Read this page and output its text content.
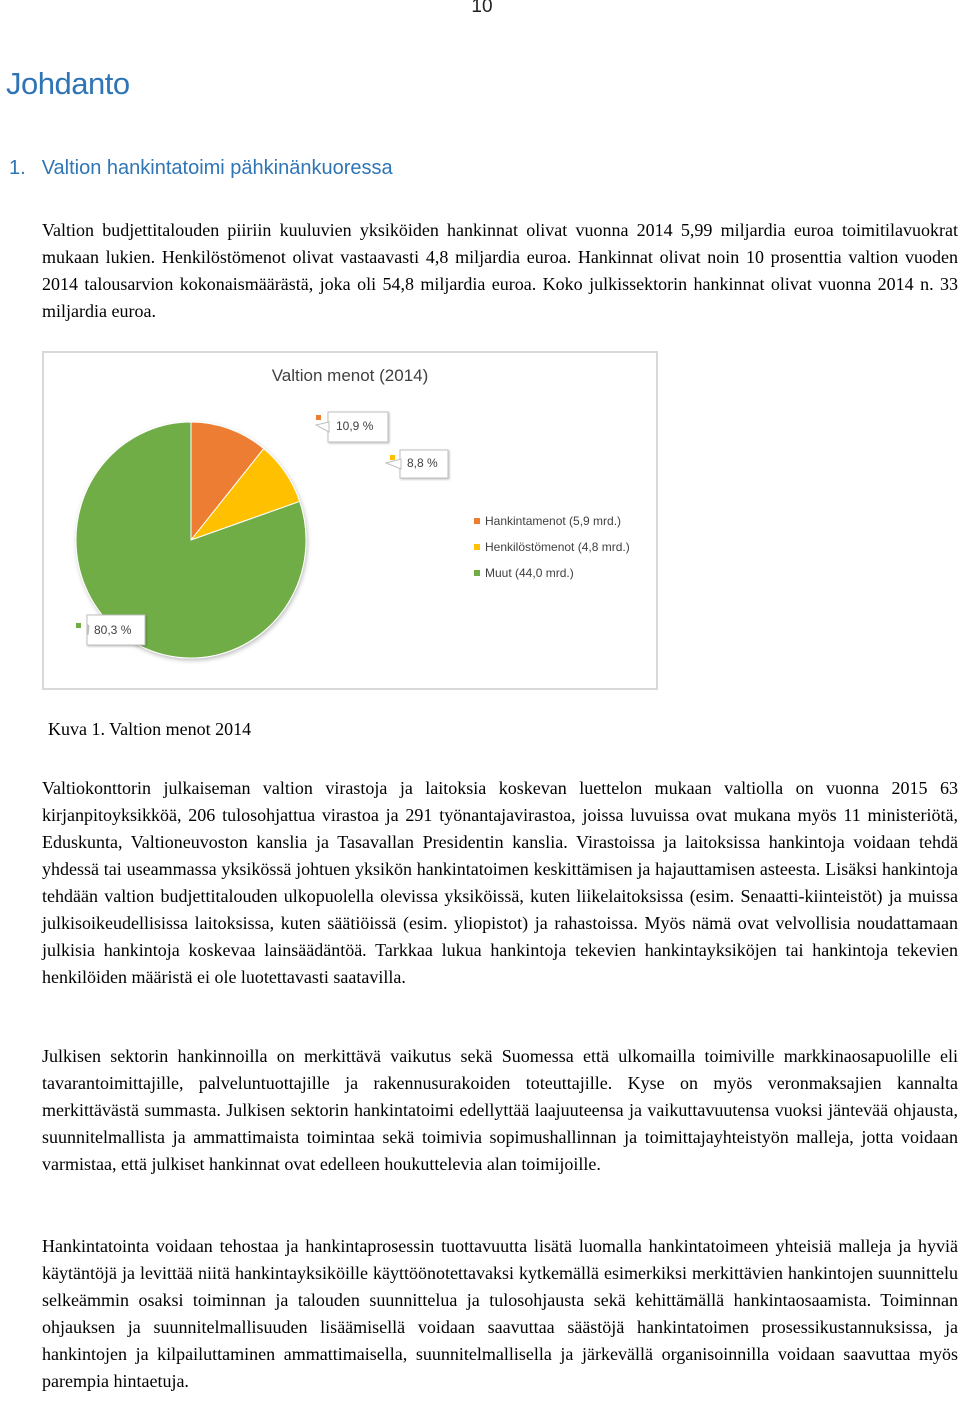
10
Johdanto
1. Valtion hankintatoimi pähkinänkuoressa
Valtion budjettitalouden piiriin kuuluvien yksiköiden hankinnat olivat vuonna 2014 5,99 miljardia euroa toimitilavuokrat mukaan lukien. Henkilöstömenot olivat vastaavasti 4,8 miljardia euroa. Hankinnat olivat noin 10 prosenttia valtion vuoden 2014 talousarvion kokonaismäärästä, joka oli 54,8 miljardia euroa. Koko julkissektorin hankinnat olivat vuonna 2014 n. 33 miljardia euroa.
Valtion menot (2014)
10,9 %
8,8 %
80,3 %
Hankintamenot (5,9 mrd.)
Henkilöstömenot (4,8 mrd.)
Muut (44,0 mrd.)
Kuva 1. Valtion menot 2014
Valtiokonttorin julkaiseman valtion virastoja ja laitoksia koskevan luettelon mukaan valtiolla on vuonna 2015 63 kirjanpitoyksikköä, 206 tulosohjattua virastoa ja 291 työnantajavirastoa, joissa luvuissa ovat mukana myös 11 ministeriötä, Eduskunta, Valtioneuvoston kanslia ja Tasavallan Presidentin kanslia. Virastoissa ja laitoksissa hankintoja voidaan tehdä yhdessä tai useammassa yksikössä johtuen yksikön hankintatoimen keskittämisen ja hajauttamisen asteesta. Lisäksi hankintoja tehdään valtion budjettitalouden ulkopuolella olevissa yksiköissä, kuten liikelaitoksissa (esim. Senaatti-kiinteistöt) ja muissa julkisoikeudellisissa laitoksissa, kuten säätiöissä (esim. yliopistot) ja rahastoissa. Myös nämä ovat velvollisia noudattamaan julkisia hankintoja koskevaa lainsäädäntöä. Tarkkaa lukua hankintoja tekevien hankintayksiköjen tai hankintoja tekevien henkilöiden määristä ei ole luotettavasti saatavilla.
Julkisen sektorin hankinnoilla on merkittävä vaikutus sekä Suomessa että ulkomailla toimiville markkinaosapuolille eli tavarantoimittajille, palveluntuottajille ja rakennusurakoiden toteuttajille. Kyse on myös veronmaksajien kannalta merkittävästä summasta. Julkisen sektorin hankintatoimi edellyttää laajuuteensa ja vaikuttavuutensa vuoksi jäntevää ohjausta, suunnitelmallista ja ammattimaista toimintaa sekä toimivia sopimushallinnan ja toimittajayhteistyön malleja, jotta voidaan varmistaa, että julkiset hankinnat ovat edelleen houkuttelevia alan toimijoille.
Hankintatointa voidaan tehostaa ja hankintaprosessin tuottavuutta lisätä luomalla hankintatoimeen yhteisiä malleja ja hyviä käytäntöjä ja levittää niitä hankintayksiköille käyttöönotettavaksi kytkemällä esimerkiksi merkittävien hankintojen suunnittelu selkeämmin osaksi toiminnan ja talouden suunnittelua ja tulosohjausta sekä kehittämällä hankintaosaamista. Toiminnan ohjauksen ja suunnitelmallisuuden lisäämisellä voidaan saavuttaa säästöjä hankintatoimen prosessikustannuksissa, ja hankintojen ja kilpailuttaminen ammattimaisella, suunnitelmallisella ja järkevällä organisoinnilla voidaan saavuttaa myös parempia hintaetuja.
